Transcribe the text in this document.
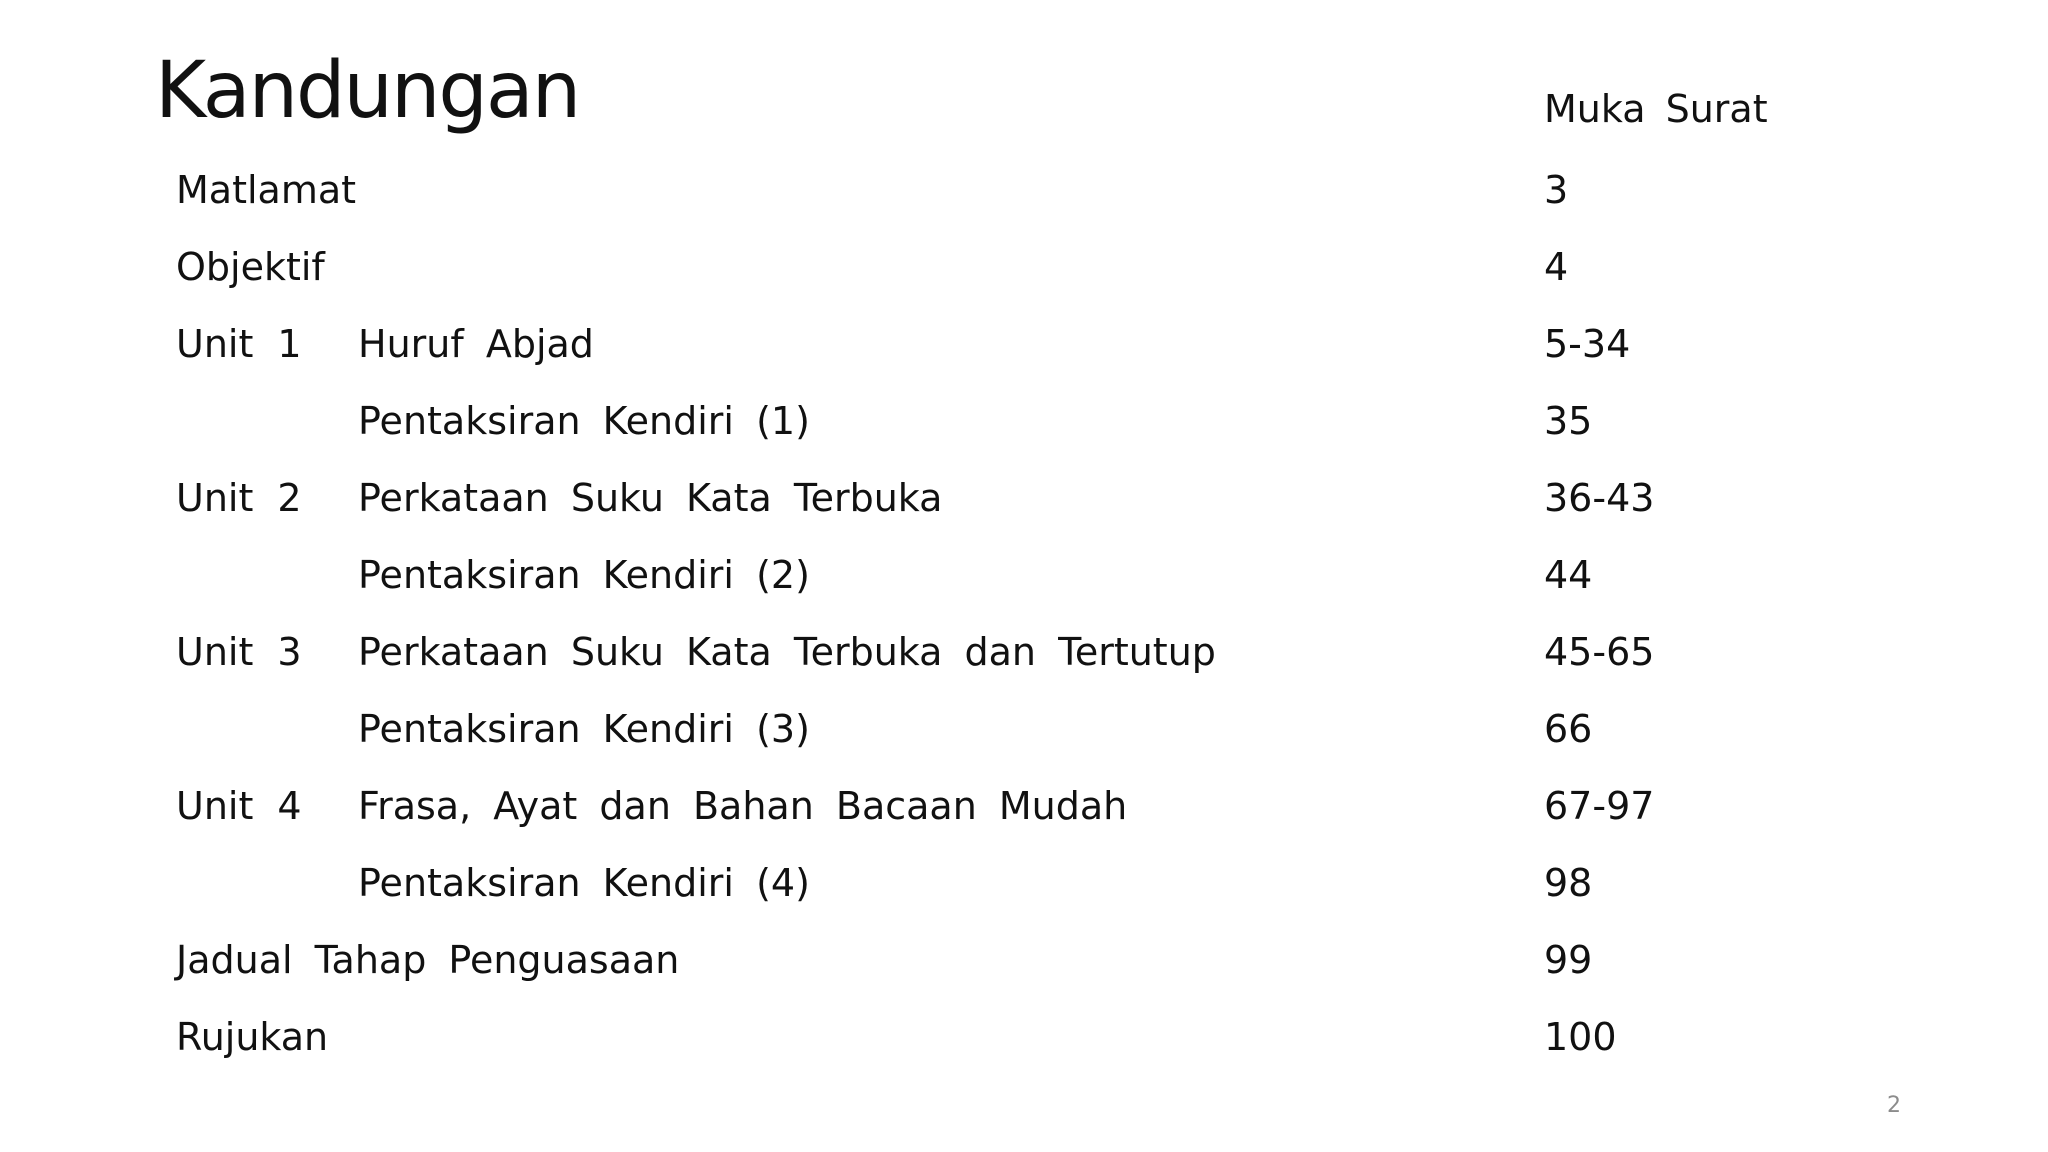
Kandungan	Muka Surat
Matlamat	3
Objektif	4
Unit 1 Huruf Abjad	5-34
Pentaksiran Kendiri (1)	35
Unit 2 Perkataan Suku Kata Terbuka	36-43
Pentaksiran Kendiri (2)	44
Unit 3 Perkataan Suku Kata Terbuka dan Tertutup	45-65
Pentaksiran Kendiri (3)	66
Unit 4 Frasa, Ayat dan Bahan Bacaan Mudah	67-97
Pentaksiran Kendiri (4)	98
Jadual Tahap Penguasaan	99
Rujukan	100
2
